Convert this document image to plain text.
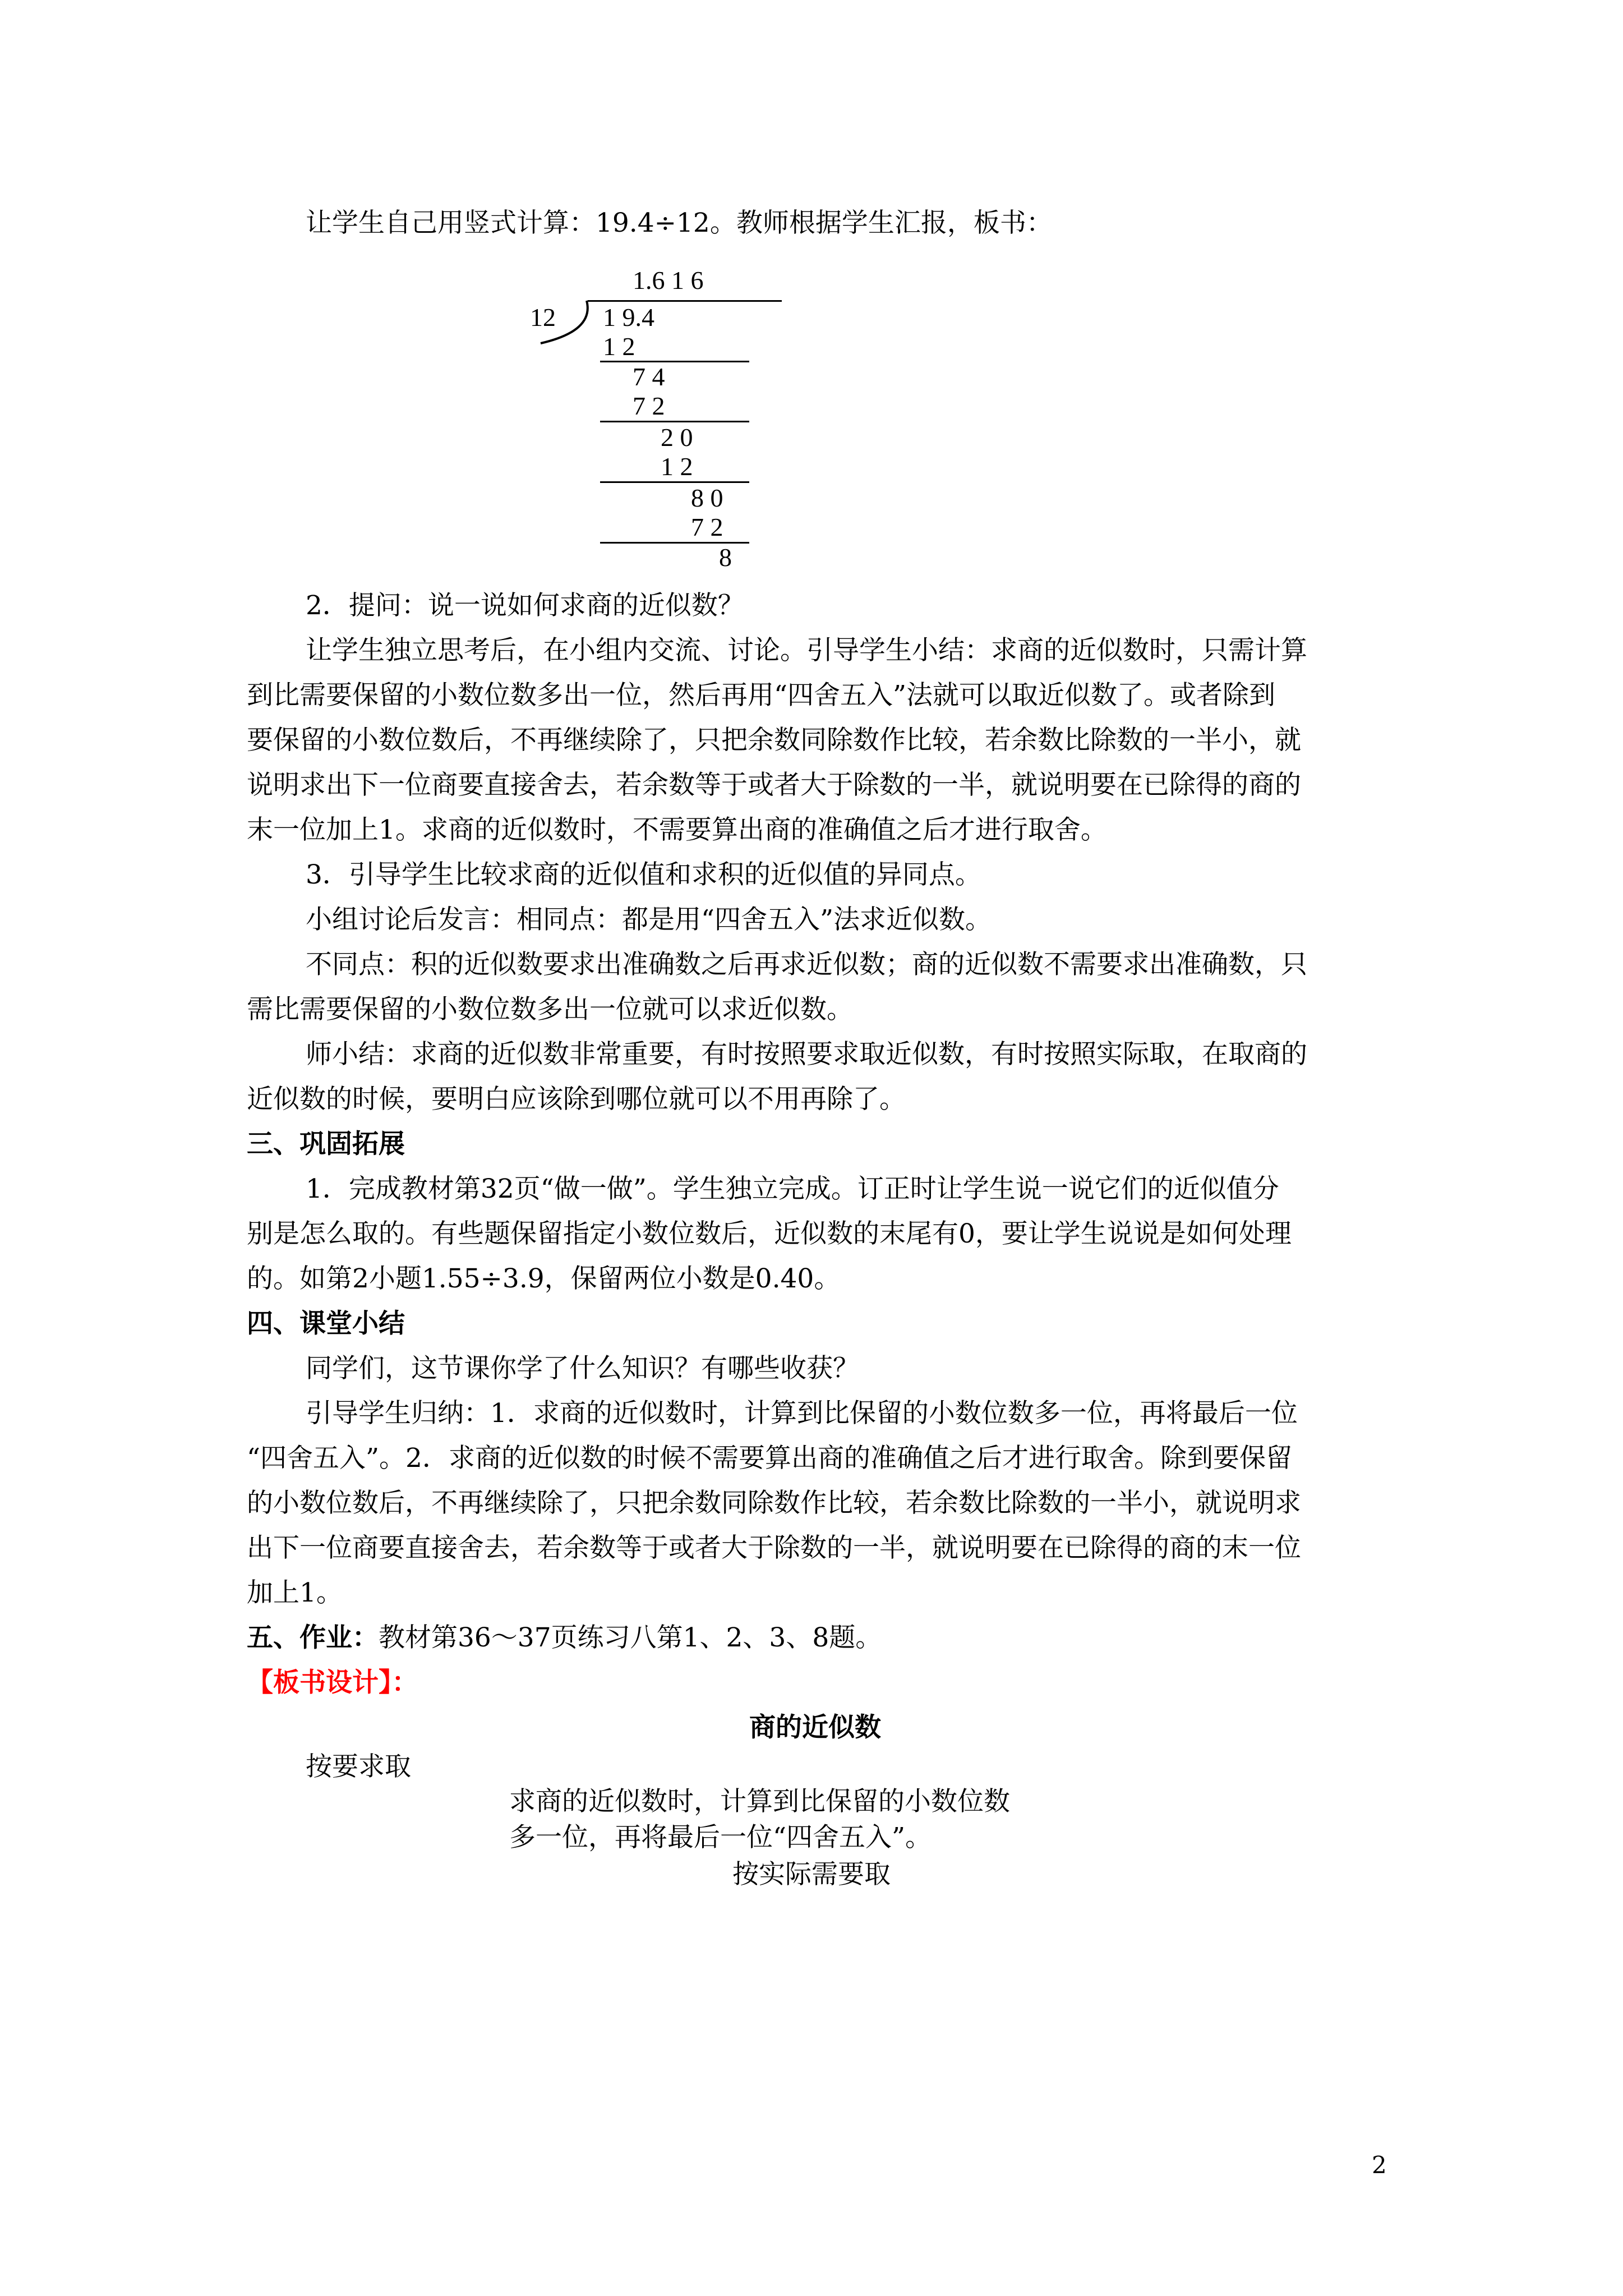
让学生自己用竖式计算：19.4÷12。教师根据学生汇报，板书：
1.6 1 6
12 1 9.4
1 2
7 4
7 2
2 0
1 2
8 0
7 2
8
2．提问：说一说如何求商的近似数？
让学生独立思考后，在小组内交流、讨论。引导学生小结：求商的近似数时，只需计算
到比需要保留的小数位数多出一位，然后再用“四舍五入”法就可以取近似数了。或者除到
要保留的小数位数后，不再继续除了，只把余数同除数作比较，若余数比除数的一半小，就
说明求出下一位商要直接舍去，若余数等于或者大于除数的一半，就说明要在已除得的商的
末一位加上1。求商的近似数时，不需要算出商的准确值之后才进行取舍。
3．引导学生比较求商的近似值和求积的近似值的异同点。
小组讨论后发言：相同点：都是用“四舍五入”法求近似数。
不同点：积的近似数要求出准确数之后再求近似数；商的近似数不需要求出准确数，只
需比需要保留的小数位数多出一位就可以求近似数。
师小结：求商的近似数非常重要，有时按照要求取近似数，有时按照实际取，在取商的
近似数的时候，要明白应该除到哪位就可以不用再除了。
三、巩固拓展
1．完成教材第32页“做一做”。学生独立完成。订正时让学生说一说它们的近似值分
别是怎么取的。有些题保留指定小数位数后，近似数的末尾有0，要让学生说说是如何处理
的。如第2小题1.55÷3.9，保留两位小数是0.40。
四、课堂小结
同学们，这节课你学了什么知识？有哪些收获？
引导学生归纳：1．求商的近似数时，计算到比保留的小数位数多一位，再将最后一位
“四舍五入”。2．求商的近似数的时候不需要算出商的准确值之后才进行取舍。除到要保留
的小数位数后，不再继续除了，只把余数同除数作比较，若余数比除数的一半小，就说明求
出下一位商要直接舍去，若余数等于或者大于除数的一半，就说明要在已除得的商的末一位
加上1。
五、作业：教材第36～37页练习八第1、2、3、8题。
【板书设计】：
商的近似数
按要求取
求商的近似数时，计算到比保留的小数位数
多一位，再将最后一位“四舍五入”。
按实际需要取
2
